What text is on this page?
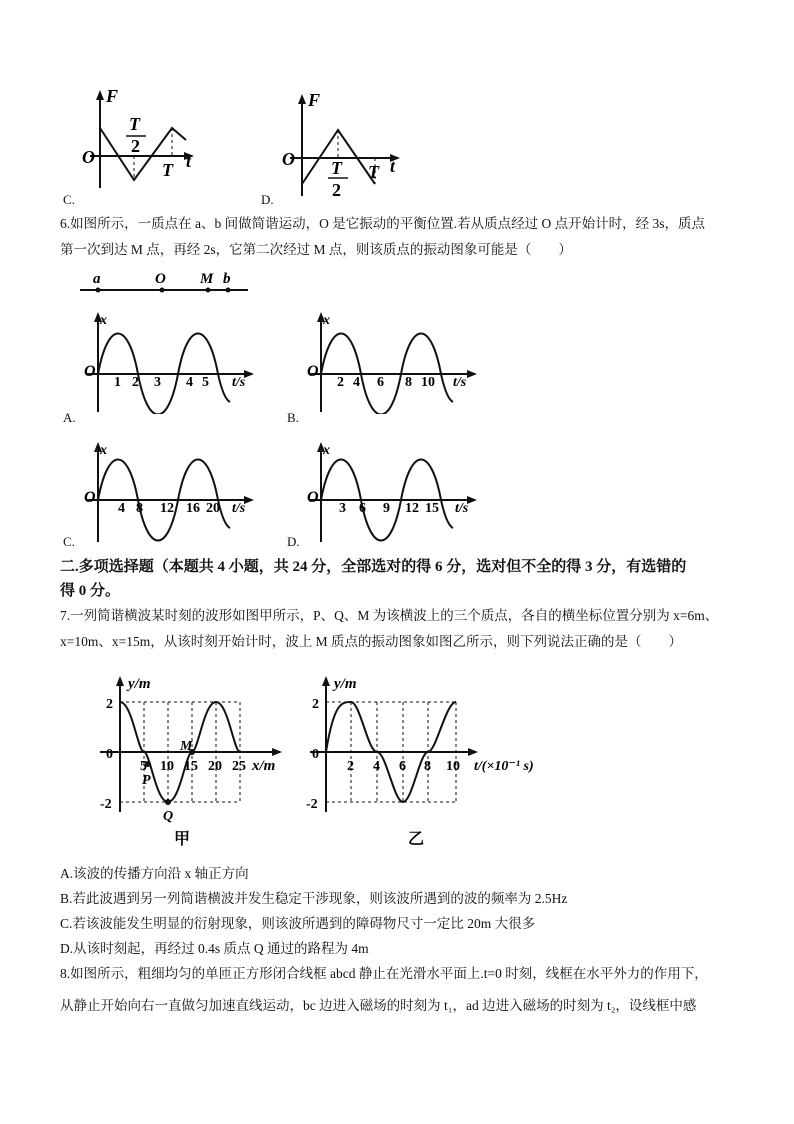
F
O
T
2
T t
C.
F
O T
2
T t
D.
6.如图所示，一质点在 a、b 间做简谐运动，O 是它振动的平衡位置.若从质点经过 O 点开始计时，经 3s，质点
第一次到达 M 点，再经 2s，它第二次经过 M 点，则该质点的振动图象可能是（　　）
a	O M b
x
O
1 2 3 4 5 t/s
A.
x
O
2 4 6 8 10 t/s
B.
x
O
4 8 12 16 20 t/s
C.
x
O
3 6 9 12 15 t/s
D.
二.多项选择题（本题共 4 小题，共 24 分，全部选对的得 6 分，选对但不全的得 3 分，有选错的
得 0 分。
7.一列简谐横波某时刻的波形如图甲所示，P、Q、M 为该横波上的三个质点，各自的横坐标位置分别为 x=6m、
x=10m、x=15m，从该时刻开始计时，波上 M 质点的振动图象如图乙所示，则下列说法正确的是（　　）
y/m
2
0
-2
5 10 15 20 25 x/m
M
P
Q
甲
y/m
2
0
-2
2 4 6 8 10 t/(×10⁻¹ s)
乙
A.该波的传播方向沿 x 轴正方向
B.若此波遇到另一列简谐横波并发生稳定干涉现象，则该波所遇到的波的频率为 2.5Hz
C.若该波能发生明显的衍射现象，则该波所遇到的障碍物尺寸一定比 20m 大很多
D.从该时刻起，再经过 0.4s 质点 Q 通过的路程为 4m
8.如图所示，粗细均匀的单匝正方形闭合线框 abcd 静止在光滑水平面上.t=0 时刻，线框在水平外力的作用下，
从静止开始向右一直做匀加速直线运动，bc 边进入磁场的时刻为 t₁，ad 边进入磁场的时刻为 t₂，设线框中感
